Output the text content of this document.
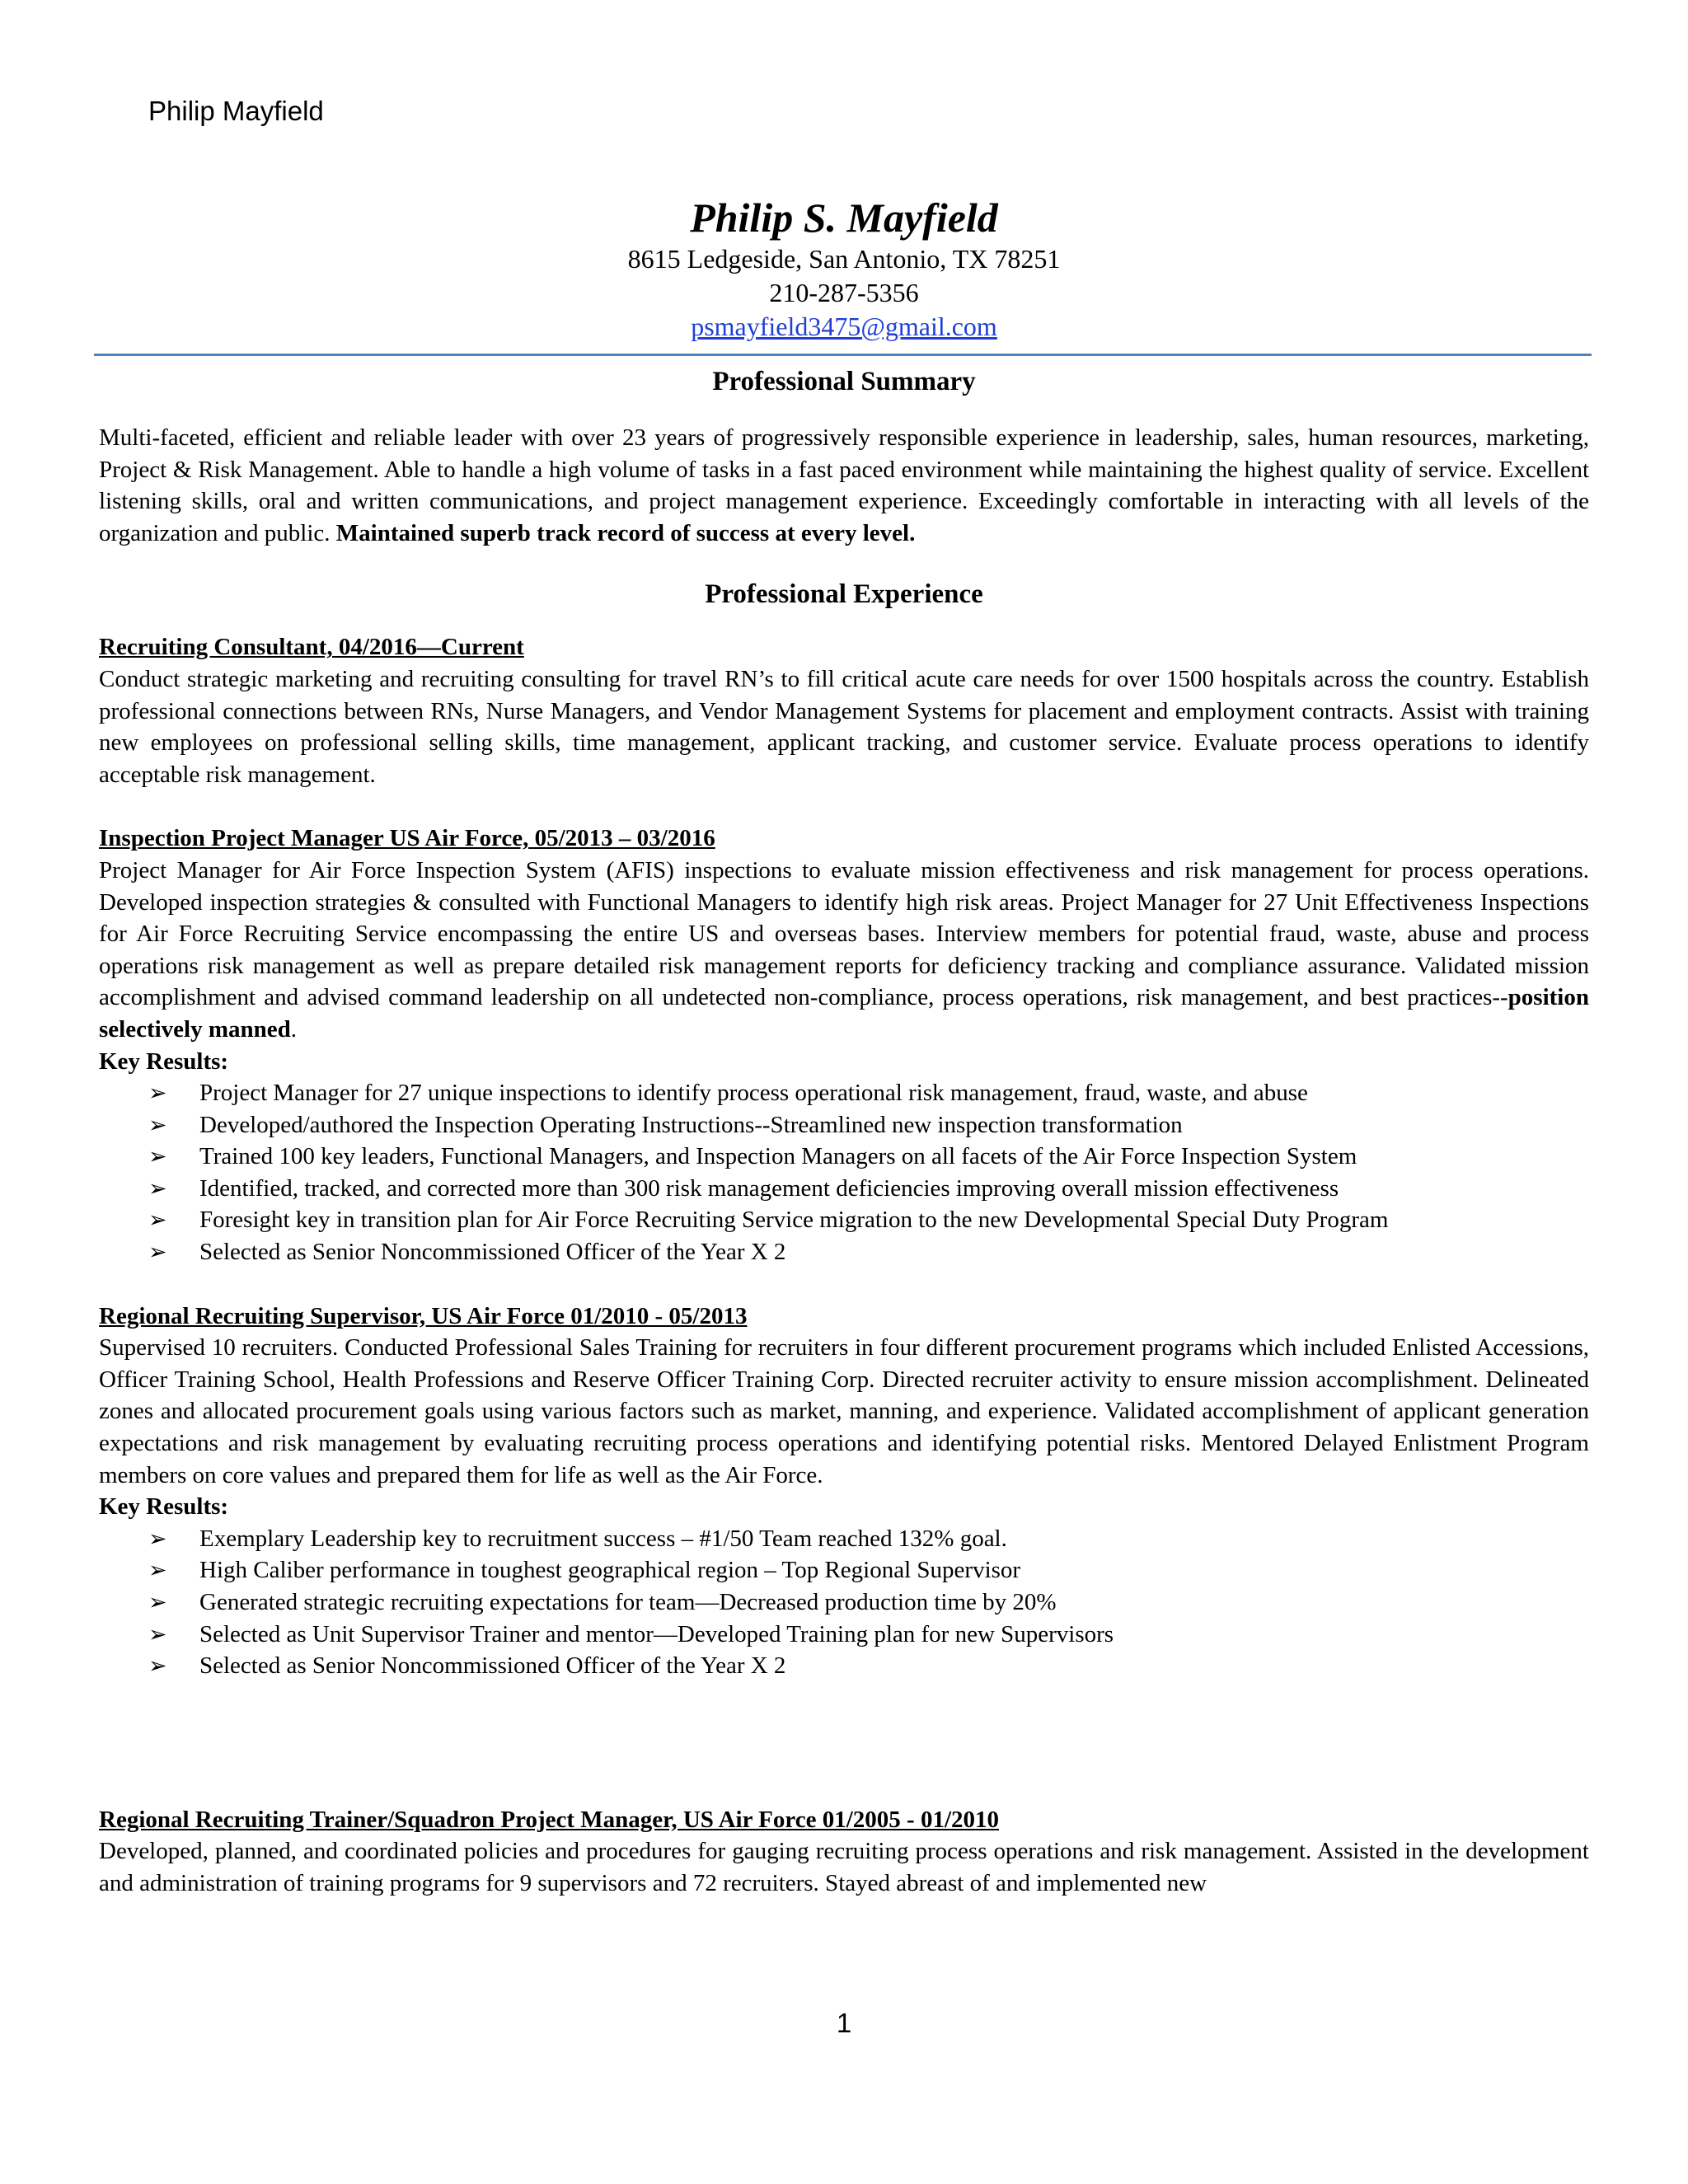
Philip Mayfield
Philip S. Mayfield
8615 Ledgeside, San Antonio, TX 78251
210-287-5356
psmayfield3475@gmail.com
Professional Summary

Multi-faceted, efficient and reliable leader with over 23 years of progressively responsible experience in leadership, sales, human resources, marketing, Project & Risk Management. Able to handle a high volume of tasks in a fast paced environment while maintaining the highest quality of service. Excellent listening skills, oral and written communications, and project management experience. Exceedingly comfortable in interacting with all levels of the organization and public. Maintained superb track record of success at every level.

Professional Experience

Recruiting Consultant, 04/2016—Current

Conduct strategic marketing and recruiting consulting for travel RN’s to fill critical acute care needs for over 1500 hospitals across the country. Establish professional connections between RNs, Nurse Managers, and Vendor Management Systems for placement and employment contracts. Assist with training new employees on professional selling skills, time management, applicant tracking, and customer service. Evaluate process operations to identify acceptable risk management.

Inspection Project Manager US Air Force, 05/2013 – 03/2016

Project Manager for Air Force Inspection System (AFIS) inspections to evaluate mission effectiveness and risk management for process operations. Developed inspection strategies & consulted with Functional Managers to identify high risk areas. Project Manager for 27 Unit Effectiveness Inspections for Air Force Recruiting Service encompassing the entire US and overseas bases. Interview members for potential fraud, waste, abuse and process operations risk management as well as prepare detailed risk management reports for deficiency tracking and compliance assurance. Validated mission accomplishment and advised command leadership on all undetected non-compliance, process operations, risk management, and best practices--position selectively manned.

Key Results:

➢ Project Manager for 27 unique inspections to identify process operational risk management, fraud, waste, and abuse
➢ Developed/authored the Inspection Operating Instructions--Streamlined new inspection transformation
➢ Trained 100 key leaders, Functional Managers, and Inspection Managers on all facets of the Air Force Inspection System
➢ Identified, tracked, and corrected more than 300 risk management deficiencies improving overall mission effectiveness
➢ Foresight key in transition plan for Air Force Recruiting Service migration to the new Developmental Special Duty Program
➢ Selected as Senior Noncommissioned Officer of the Year X 2

Regional Recruiting Supervisor, US Air Force 01/2010 - 05/2013

Supervised 10 recruiters. Conducted Professional Sales Training for recruiters in four different procurement programs which included Enlisted Accessions, Officer Training School, Health Professions and Reserve Officer Training Corp. Directed recruiter activity to ensure mission accomplishment. Delineated zones and allocated procurement goals using various factors such as market, manning, and experience. Validated accomplishment of applicant generation expectations and risk management by evaluating recruiting process operations and identifying potential risks. Mentored Delayed Enlistment Program members on core values and prepared them for life as well as the Air Force.

Key Results:

➢ Exemplary Leadership key to recruitment success – #1/50 Team reached 132% goal.
➢ High Caliber performance in toughest geographical region – Top Regional Supervisor
➢ Generated strategic recruiting expectations for team—Decreased production time by 20%
➢ Selected as Unit Supervisor Trainer and mentor—Developed Training plan for new Supervisors
➢ Selected as Senior Noncommissioned Officer of the Year X 2

Regional Recruiting Trainer/Squadron Project Manager, US Air Force 01/2005 - 01/2010

Developed, planned, and coordinated policies and procedures for gauging recruiting process operations and risk management. Assisted in the development and administration of training programs for 9 supervisors and 72 recruiters. Stayed abreast of and implemented new

1
